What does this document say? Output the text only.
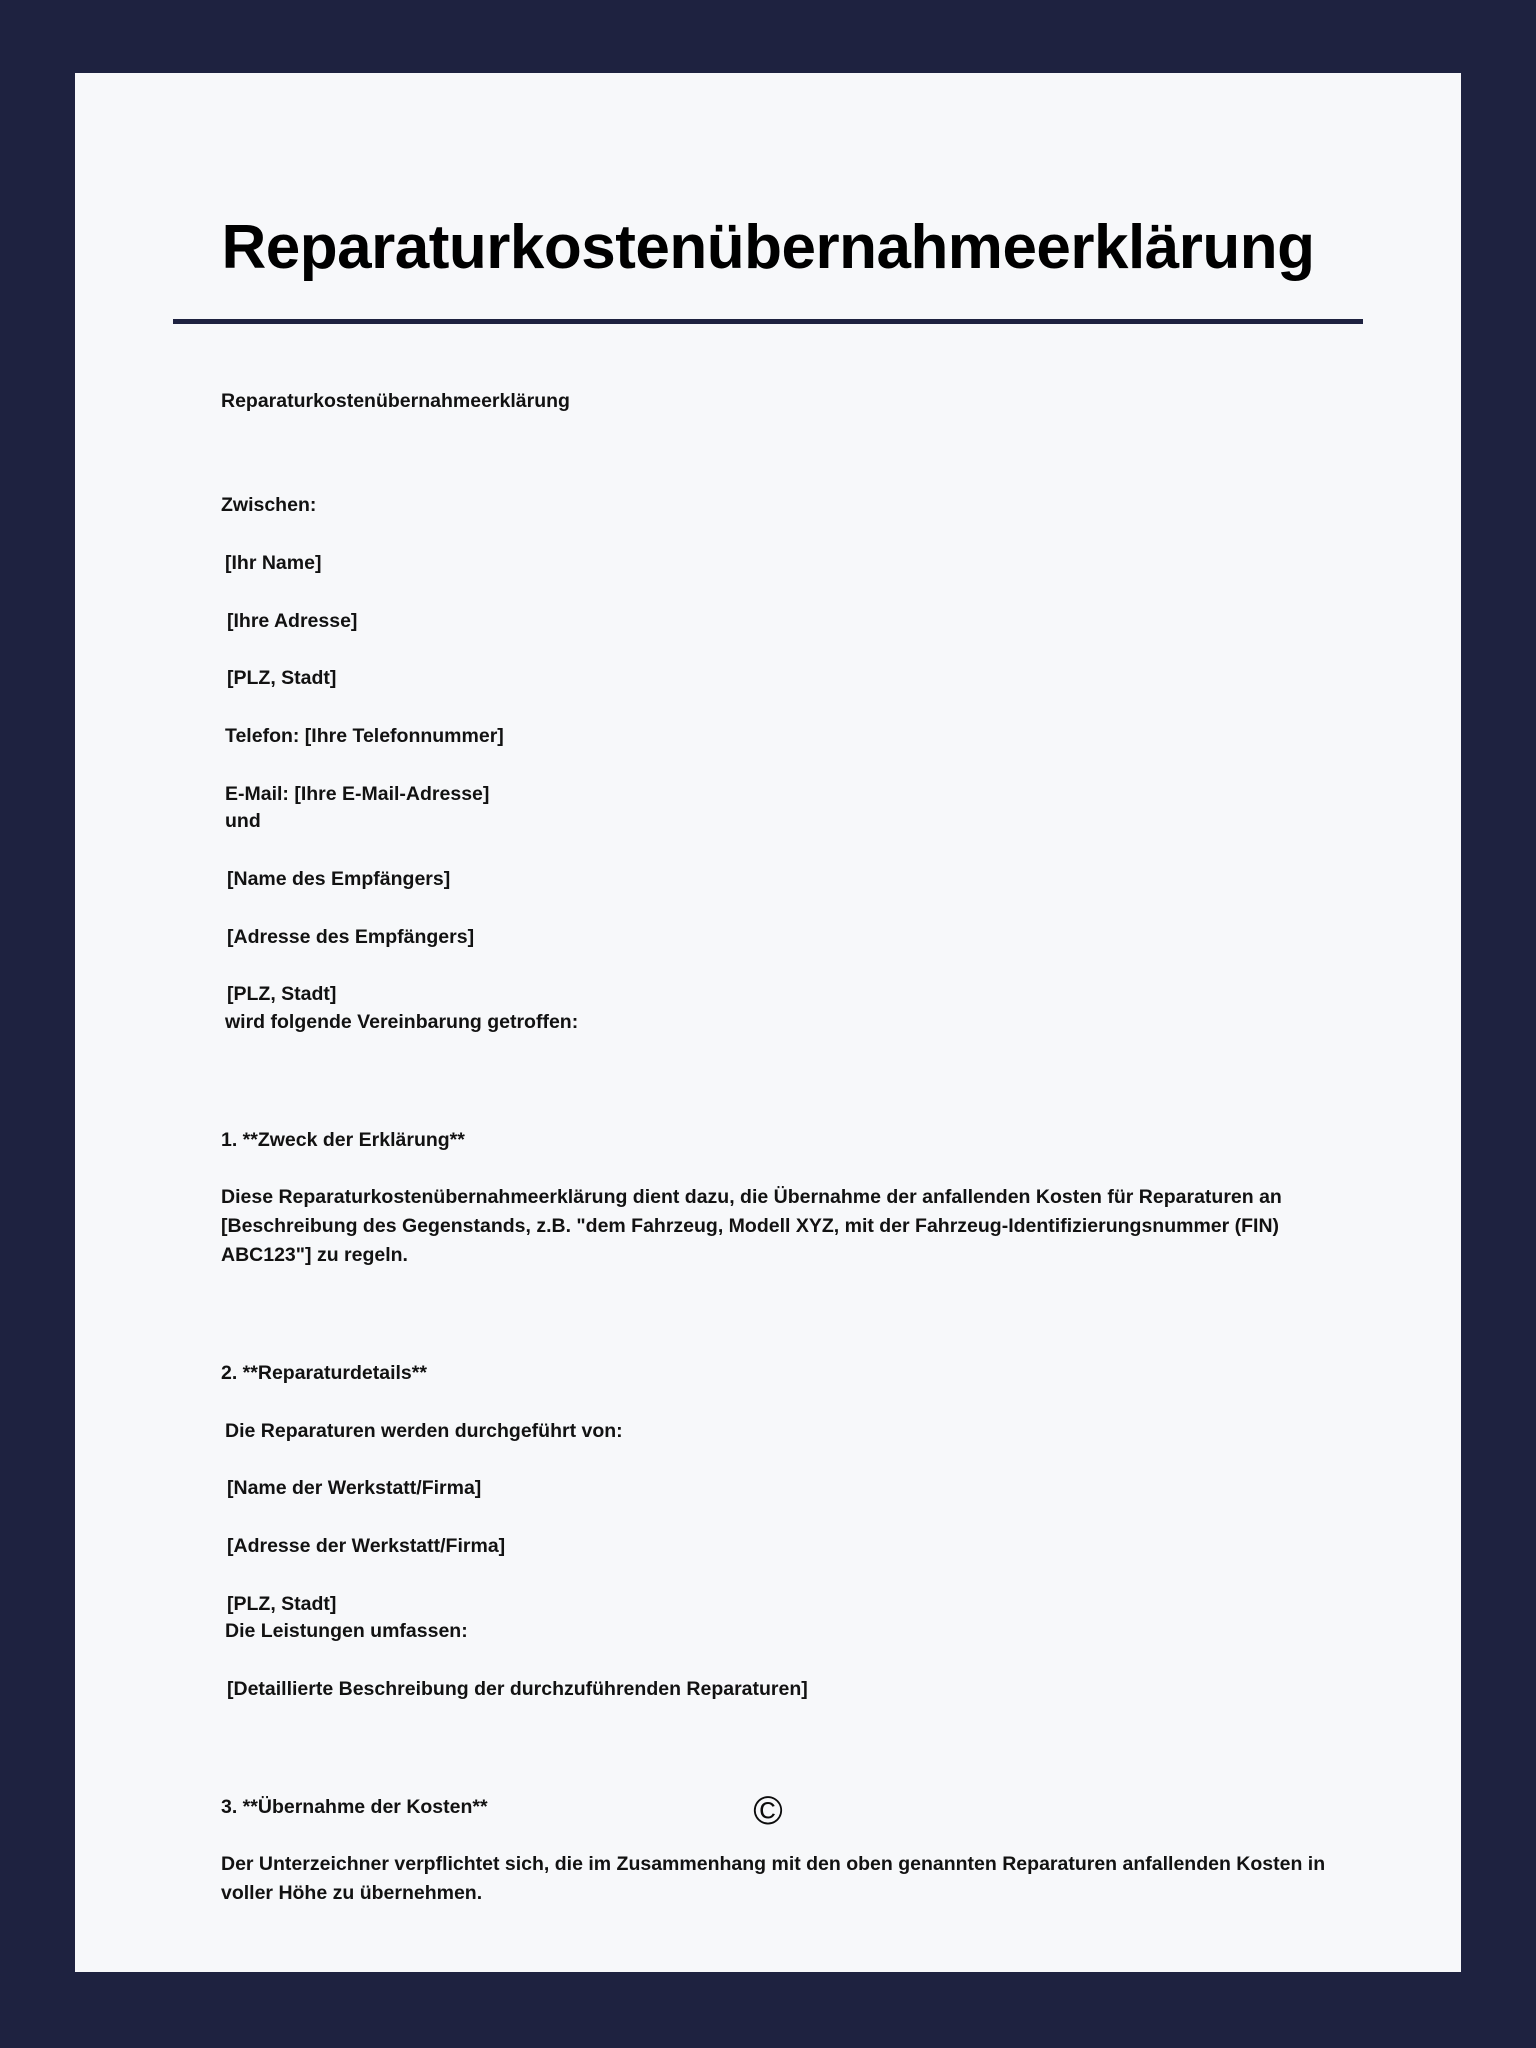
Reparaturkostenübernahmeerklärung
Reparaturkostenübernahmeerklärung
Zwischen:
[Ihr Name]
[Ihre Adresse]
[PLZ, Stadt]
Telefon: [Ihre Telefonnummer]
E-Mail: [Ihre E-Mail-Adresse]
und
[Name des Empfängers]
[Adresse des Empfängers]
[PLZ, Stadt]
wird folgende Vereinbarung getroffen:
1. **Zweck der Erklärung**
Diese Reparaturkostenübernahmeerklärung dient dazu, die Übernahme der anfallenden Kosten für Reparaturen an [Beschreibung des Gegenstands, z.B. "dem Fahrzeug, Modell XYZ, mit der Fahrzeug-Identifizierungsnummer (FIN) ABC123"] zu regeln.
2. **Reparaturdetails**
Die Reparaturen werden durchgeführt von:
[Name der Werkstatt/Firma]
[Adresse der Werkstatt/Firma]
[PLZ, Stadt]
Die Leistungen umfassen:
[Detaillierte Beschreibung der durchzuführenden Reparaturen]
3. **Übernahme der Kosten**
Der Unterzeichner verpflichtet sich, die im Zusammenhang mit den oben genannten Reparaturen anfallenden Kosten in voller Höhe zu übernehmen.
©
